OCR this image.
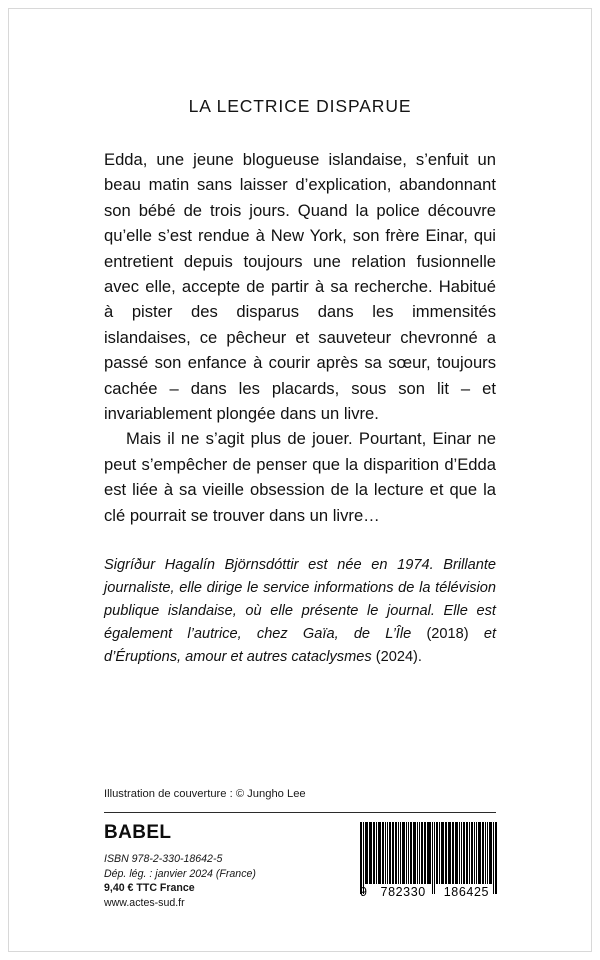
LA LECTRICE DISPARUE

Edda, une jeune blogueuse islandaise, s’enfuit un beau matin sans laisser d’explication, abandonnant son bébé de trois jours. Quand la police découvre qu’elle s’est rendue à New York, son frère Einar, qui entretient depuis toujours une relation fusionnelle avec elle, accepte de partir à sa recherche. Habitué à pister des disparus dans les immensités islandaises, ce pêcheur et sauveteur chevronné a passé son enfance à courir après sa sœur, toujours cachée – dans les placards, sous son lit – et invariablement plongée dans un livre.

Mais il ne s’agit plus de jouer. Pourtant, Einar ne peut s’empêcher de penser que la disparition d’Edda est liée à sa vieille obsession de la lecture et que la clé pourrait se trouver dans un livre…

Sigríður Hagalín Björnsdóttir est née en 1974. Brillante journaliste, elle dirige le service informations de la télévision publique islandaise, où elle présente le journal. Elle est également l’autrice, chez Gaïa, de L’Île (2018) et d’Éruptions, amour et autres cataclysmes (2024).
Illustration de couverture : © Jungho Lee
BABEL
ISBN 978-2-330-18642-5
Dép. lég. : janvier 2024 (France)
9,40 € TTC France
www.actes-sud.fr
9	782330	186425
